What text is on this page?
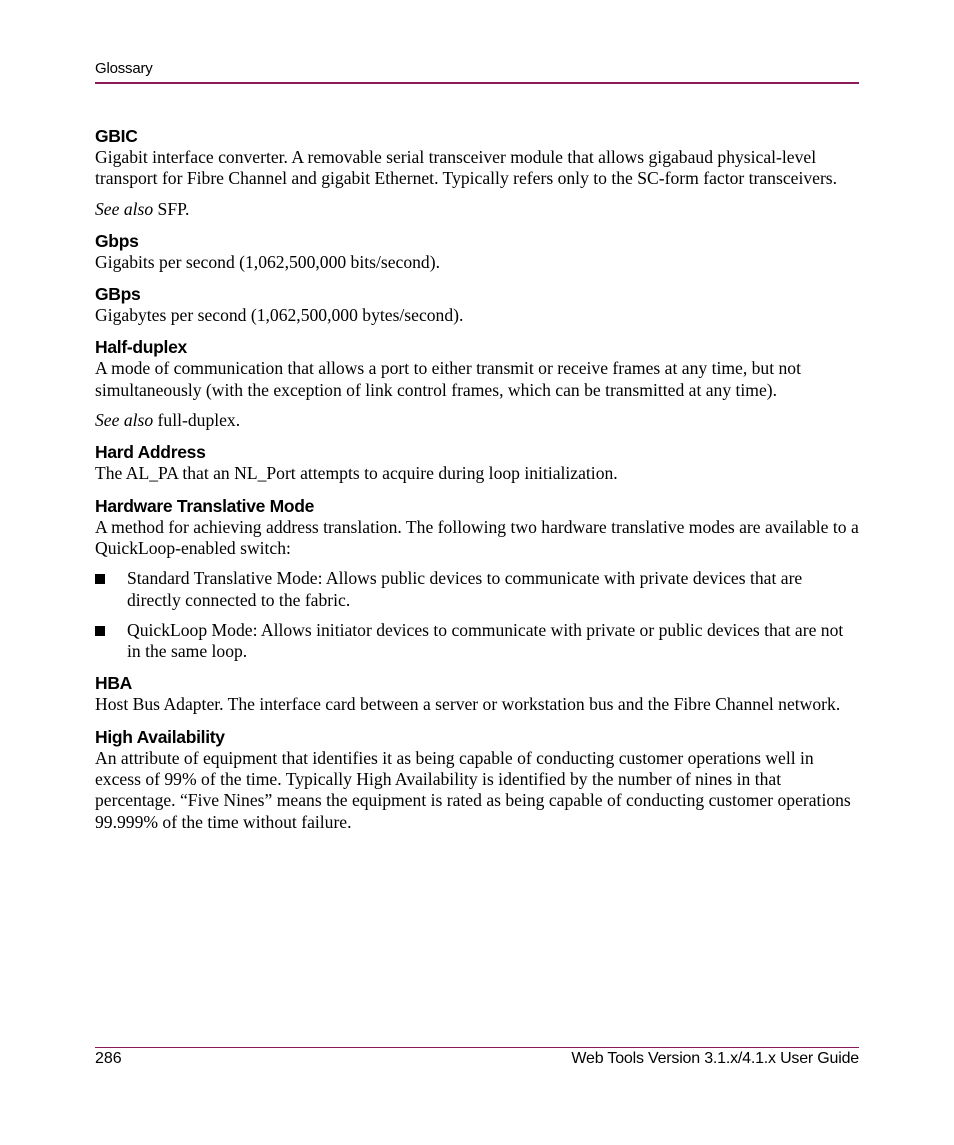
Glossary

GBIC

Gigabit interface converter. A removable serial transceiver module that allows gigabaud physical-level transport for Fibre Channel and gigabit Ethernet. Typically refers only to the SC-form factor transceivers.

See also SFP.

Gbps

Gigabits per second (1,062,500,000 bits/second).

GBps

Gigabytes per second (1,062,500,000 bytes/second).

Half-duplex

A mode of communication that allows a port to either transmit or receive frames at any time, but not simultaneously (with the exception of link control frames, which can be transmitted at any time).

See also full-duplex.

Hard Address

The AL_PA that an NL_Port attempts to acquire during loop initialization.

Hardware Translative Mode

A method for achieving address translation. The following two hardware translative modes are available to a QuickLoop-enabled switch:

Standard Translative Mode: Allows public devices to communicate with private devices that are directly connected to the fabric.
QuickLoop Mode: Allows initiator devices to communicate with private or public devices that are not in the same loop.

HBA

Host Bus Adapter. The interface card between a server or workstation bus and the Fibre Channel network.

High Availability

An attribute of equipment that identifies it as being capable of conducting customer operations well in excess of 99% of the time. Typically High Availability is identified by the number of nines in that percentage. “Five Nines” means the equipment is rated as being capable of conducting customer operations 99.999% of the time without failure.

286	Web Tools Version 3.1.x/4.1.x User Guide
